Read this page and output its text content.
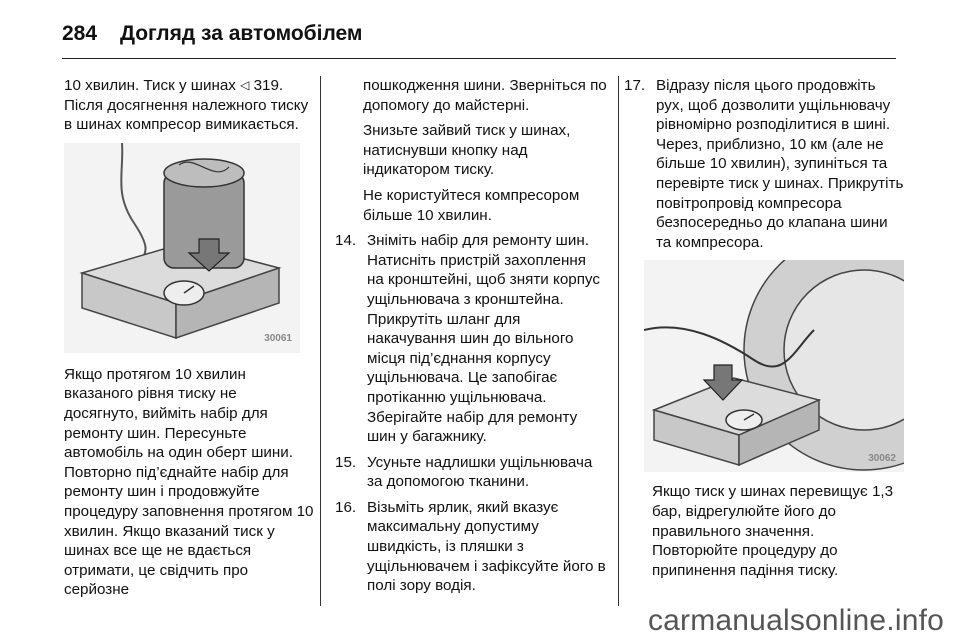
284 Догляд за автомобілем

10 хвилин. Тиск у шинах ◁ 319. Після досягнення належного тиску в шинах компресор вимикається.

30061

Якщо протягом 10 хвилин вказаного рівня тиску не досягнуто, вийміть набір для ремонту шин. Пересуньте автомобіль на один оберт шини. Повторно під’єднайте набір для ремонту шин і продовжуйте процедуру заповнення протягом 10 хвилин. Якщо вказаний тиск у шинах все ще не вдається отримати, це свідчить про серйозне

пошкодження шини. Зверніться по допомогу до майстерні.

Знизьте зайвий тиск у шинах, натиснувши кнопку над індикатором тиску.

Не користуйтеся компресором більше 10 хвилин.

14. Зніміть набір для ремонту шин. Натисніть пристрій захоплення на кронштейні, щоб зняти корпус ущільнювача з кронштейна. Прикрутіть шланг для накачування шин до вільного місця під’єднання корпусу ущільнювача. Це запобігає протіканню ущільнювача. Зберігайте набір для ремонту шин у багажнику.
15. Усуньте надлишки ущільнювача за допомогою тканини.
16. Візьміть ярлик, який вказує максимальну допустиму швидкість, із пляшки з ущільнювачем і зафіксуйте його в полі зору водія.
17. Відразу після цього продовжіть рух, щоб дозволити ущільнювачу рівномірно розподілитися в шині. Через, приблизно, 10 км (але не більше 10 хвилин), зупиніться та перевірте тиск у шинах. Прикрутіть повітропровід компресора безпосередньо до клапана шини та компресора.
30062

Якщо тиск у шинах перевищує 1,3 бар, відрегулюйте його до правильного значення. Повторюйте процедуру до припинення падіння тиску.

carmanualsonline.info
